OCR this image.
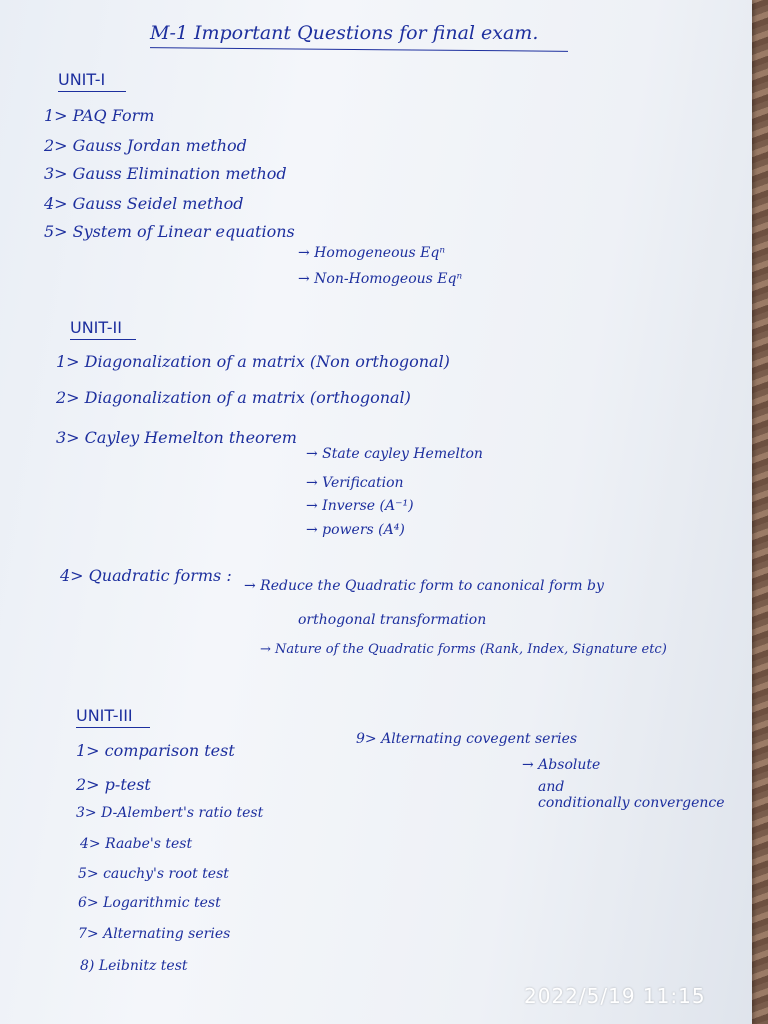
M-1 Important Questions for final exam.
UNIT-I
1> PAQ Form
2> Gauss Jordan method
3> Gauss Elimination method
4> Gauss Seidel method
5> System of Linear equations
→ Homogeneous Eqⁿ
→ Non-Homogeous Eqⁿ
UNIT-II
1> Diagonalization of a matrix (Non orthogonal)
2> Diagonalization of a matrix (orthogonal)
3> Cayley Hemelton theorem
→ State cayley Hemelton
→ Verification
→ Inverse (A⁻¹)
→ powers (A⁴)
4> Quadratic forms :
→ Reduce the Quadratic form to canonical form by
orthogonal transformation
→ Nature of the Quadratic forms (Rank, Index, Signature etc)
UNIT-III
1> comparison test
2> p-test
3> D-Alembert's ratio test
4> Raabe's test
5> cauchy's root test
6> Logarithmic test
7> Alternating series
8) Leibnitz test
9> Alternating covegent series
→ Absolute
and
conditionally convergence
2022/5/19 11:15
